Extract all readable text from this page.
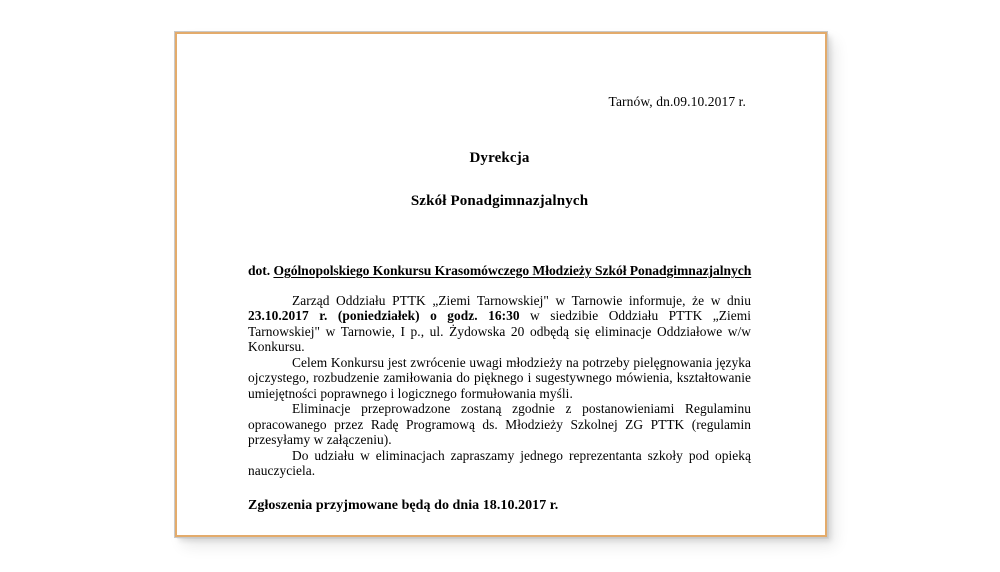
Tarnów, dn.09.10.2017 r.
Dyrekcja
Szkół Ponadgimnazjalnych
dot. Ogólnopolskiego Konkursu Krasomówczego Młodzieży Szkół Ponadgimnazjalnych

Zarząd Oddziału PTTK „Ziemi Tarnowskiej" w Tarnowie informuje, że w dniu 23.10.2017 r. (poniedziałek) o godz. 16:30 w siedzibie Oddziału PTTK „Ziemi Tarnowskiej" w Tarnowie, I p., ul. Żydowska 20 odbędą się eliminacje Oddziałowe w/w Konkursu.

Celem Konkursu jest zwrócenie uwagi młodzieży na potrzeby pielęgnowania języka ojczystego, rozbudzenie zamiłowania do pięknego i sugestywnego mówienia, kształtowanie umiejętności poprawnego i logicznego formułowania myśli.

Eliminacje przeprowadzone zostaną zgodnie z postanowieniami Regulaminu opracowanego przez Radę Programową ds. Młodzieży Szkolnej ZG PTTK (regulamin przesyłamy w załączeniu).

Do udziału w eliminacjach zapraszamy jednego reprezentanta szkoły pod opieką nauczyciela.

Zgłoszenia przyjmowane będą do dnia 18.10.2017 r.
